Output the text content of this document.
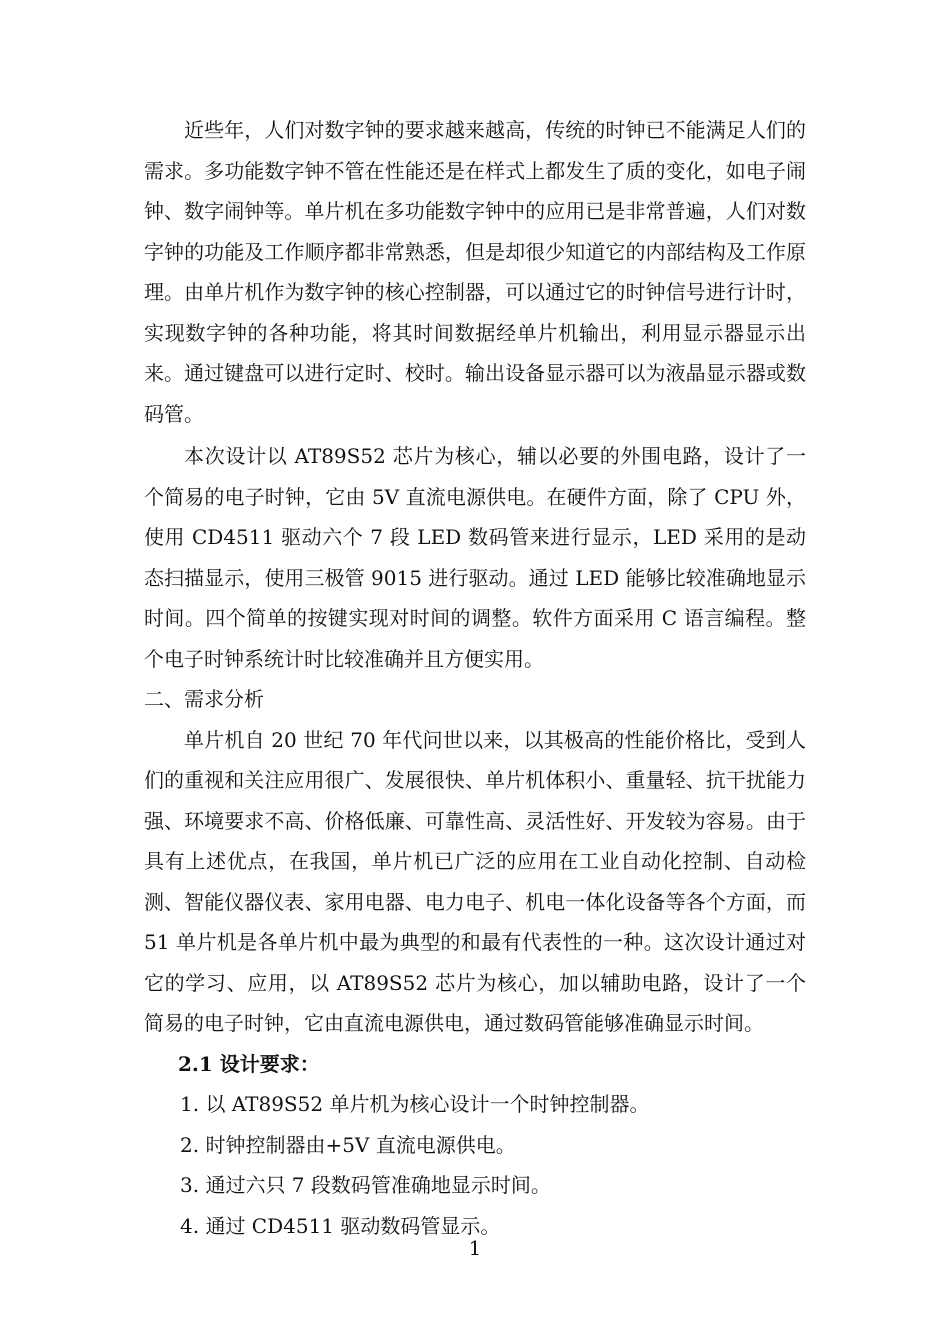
近些年，人们对数字钟的要求越来越高，传统的时钟已不能满足人们的需求。多功能数字钟不管在性能还是在样式上都发生了质的变化，如电子闹钟、数字闹钟等。单片机在多功能数字钟中的应用已是非常普遍，人们对数字钟的功能及工作顺序都非常熟悉，但是却很少知道它的内部结构及工作原理。由单片机作为数字钟的核心控制器，可以通过它的时钟信号进行计时，实现数字钟的各种功能，将其时间数据经单片机输出，利用显示器显示出来。通过键盘可以进行定时、校时。输出设备显示器可以为液晶显示器或数码管。

本次设计以 AT89S52 芯片为核心，辅以必要的外围电路，设计了一个简易的电子时钟，它由 5V 直流电源供电。在硬件方面，除了 CPU 外，使用 CD4511 驱动六个 7 段 LED 数码管来进行显示，LED 采用的是动态扫描显示，使用三极管 9015 进行驱动。通过 LED 能够比较准确地显示时间。四个简单的按键实现对时间的调整。软件方面采用 C 语言编程。整个电子时钟系统计时比较准确并且方便实用。

二、需求分析

单片机自 20 世纪 70 年代问世以来，以其极高的性能价格比，受到人们的重视和关注应用很广、发展很快、单片机体积小、重量轻、抗干扰能力强、环境要求不高、价格低廉、可靠性高、灵活性好、开发较为容易。由于具有上述优点，在我国，单片机已广泛的应用在工业自动化控制、自动检测、智能仪器仪表、家用电器、电力电子、机电一体化设备等各个方面，而 51 单片机是各单片机中最为典型的和最有代表性的一种。这次设计通过对它的学习、应用，以 AT89S52 芯片为核心，加以辅助电路，设计了一个简易的电子时钟，它由直流电源供电，通过数码管能够准确显示时间。

2.1 设计要求：
1. 以 AT89S52 单片机为核心设计一个时钟控制器。
2. 时钟控制器由+5V 直流电源供电。
3. 通过六只 7 段数码管准确地显示时间。
4. 通过 CD4511 驱动数码管显示。
1
